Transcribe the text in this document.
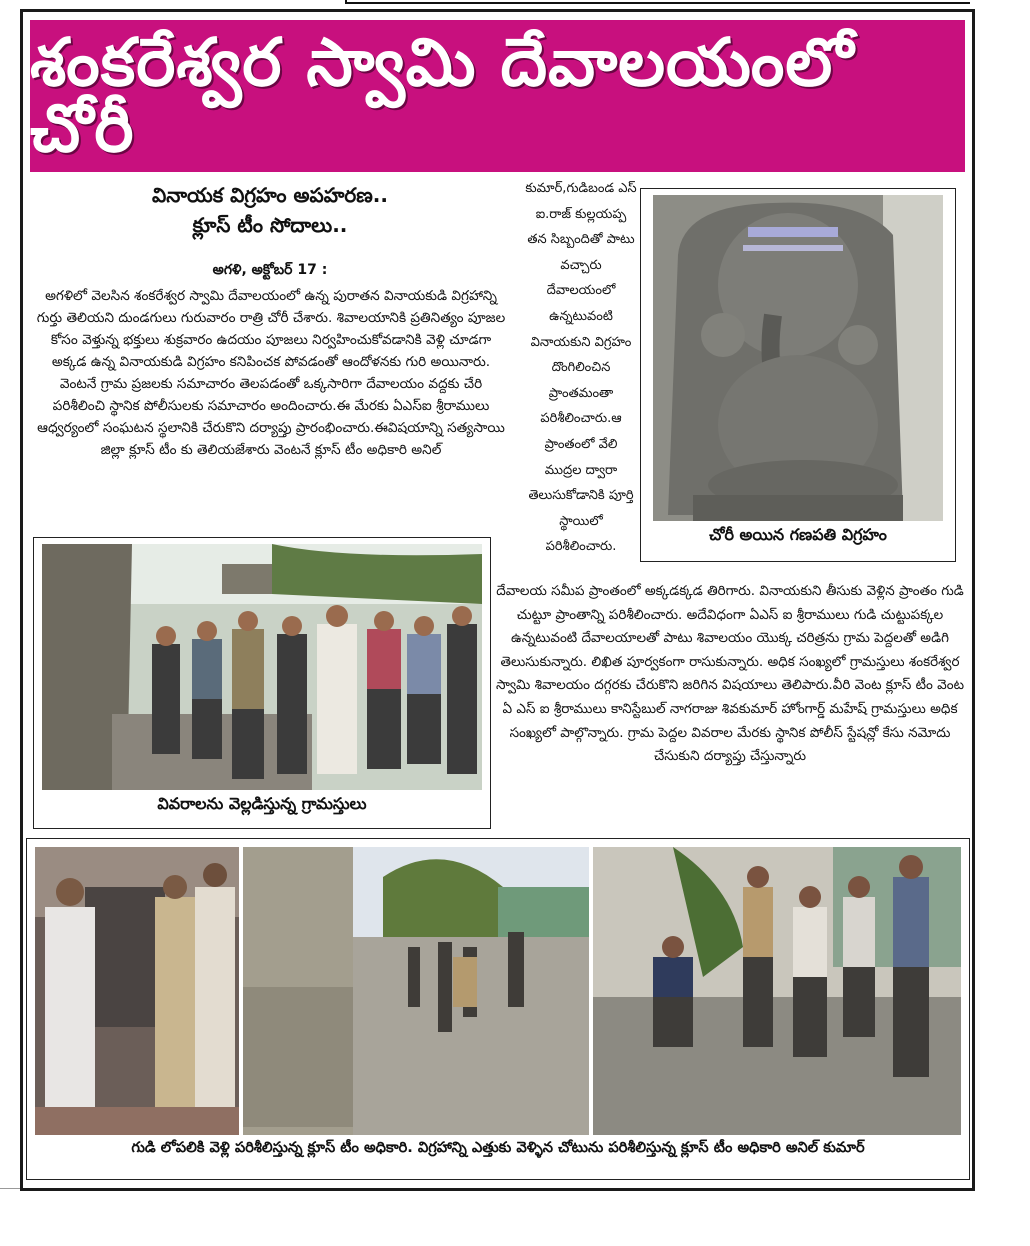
శంకరేశ్వర స్వామి దేవాలయంలో చోరీ
వినాయక విగ్రహం అపహరణ..
క్లూస్ టీం సోదాలు..
అగళి, అక్టోబర్ 17 :
అగళిలో వెలసిన శంకరేశ్వర స్వామి దేవాలయంలో ఉన్న పురాతన వినాయకుడి విగ్రహాన్ని గుర్తు తెలియని దుండగులు గురువారం రాత్రి చోరీ చేశారు. శివాలయానికి ప్రతినిత్యం పూజల కోసం వెళ్తున్న భక్తులు శుక్రవారం ఉదయం పూజలు నిర్వహించుకోవడానికి వెళ్లి చూడగా అక్కడ ఉన్న వినాయకుడి విగ్రహం కనిపించక పోవడంతో ఆందోళనకు గురి అయినారు. వెంటనే గ్రామ ప్రజలకు సమాచారం తెలపడంతో ఒక్కసారిగా దేవాలయం వద్దకు చేరి పరిశీలించి స్థానిక పోలీసులకు సమాచారం అందించారు.ఈ మేరకు ఏఎస్ఐ శ్రీరాములు ఆధ్వర్యంలో సంఘటన స్థలానికి చేరుకొని దర్యాప్తు ప్రారంభించారు.ఈవిషయాన్ని సత్యసాయి జిల్లా క్లూస్ టీం కు తెలియజేశారు వెంటనే క్లూస్ టీం అధికారి అనిల్
కుమార్,గుడిబండ ఎస్ ఐ.రాజ్ కుల్లయప్ప తన సిబ్బందితో పాటు వచ్చారు దేవాలయంలో ఉన్నటువంటి వినాయకుని విగ్రహం దొంగిలించిన ప్రాంతమంతా పరిశీలించారు.ఆ ప్రాంతంలో వేలి ముద్రల ద్వారా తెలుసుకోడానికి పూర్తి స్థాయిలో పరిశీలించారు.
చోరీ అయిన గణపతి విగ్రహం
వివరాలను వెల్లడిస్తున్న గ్రామస్తులు
దేవాలయ సమీప ప్రాంతంలో అక్కడక్కడ తిరిగారు. వినాయకుని తీసుకు వెళ్లిన ప్రాంతం గుడి చుట్టూ ప్రాంతాన్ని పరిశీలించారు. అదేవిధంగా ఏఎస్ ఐ శ్రీరాములు గుడి చుట్టుపక్కల ఉన్నటువంటి దేవాలయాలతో పాటు శివాలయం యొక్క చరిత్రను గ్రామ పెద్దలతో అడిగి తెలుసుకున్నారు. లిఖిత పూర్వకంగా రాసుకున్నారు. అధిక సంఖ్యలో గ్రామస్తులు శంకరేశ్వర స్వామి శివాలయం దగ్గరకు చేరుకొని జరిగిన విషయాలు తెలిపారు.వీరి వెంట క్లూస్ టీం వెంట ఏ ఎస్ ఐ శ్రీరాములు కానిస్టేబుల్ నాగరాజు శివకుమార్ హోంగార్డ్ మహేష్ గ్రామస్తులు అధిక సంఖ్యలో పాల్గొన్నారు. గ్రామ పెద్దల వివరాల మేరకు స్థానిక పోలీస్ స్టేషన్లో కేసు నమోదు చేసుకుని దర్యాప్తు చేస్తున్నారు
గుడి లోపలికి వెళ్లి పరిశీలిస్తున్న క్లూస్ టీం అధికారి. విగ్రహాన్ని ఎత్తుకు వెళ్ళిన చోటును పరిశీలిస్తున్న క్లూస్ టీం అధికారి అనిల్ కుమార్
